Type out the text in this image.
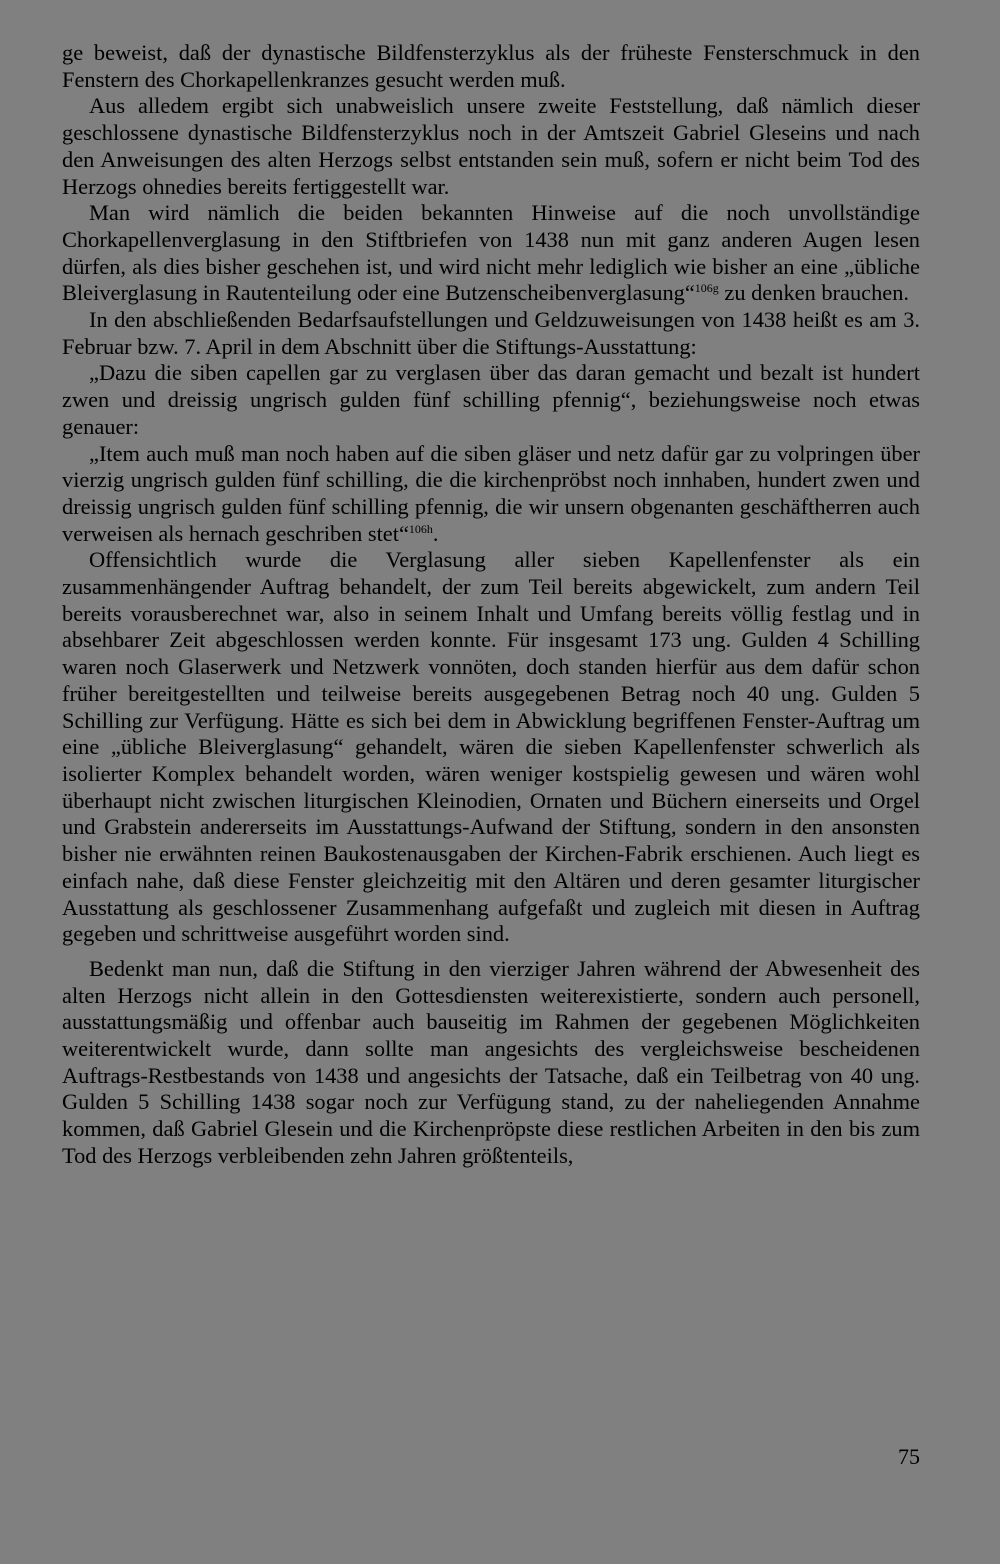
ge beweist, daß der dynastische Bildfensterzyklus als der früheste Fensterschmuck in den Fenstern des Chorkapellenkranzes gesucht werden muß.

Aus alledem ergibt sich unabweislich unsere zweite Feststellung, daß nämlich dieser geschlossene dynastische Bildfensterzyklus noch in der Amtszeit Gabriel Gleseins und nach den Anweisungen des alten Herzogs selbst entstanden sein muß, sofern er nicht beim Tod des Herzogs ohnedies bereits fertiggestellt war.

Man wird nämlich die beiden bekannten Hinweise auf die noch unvollständige Chorkapellenverglasung in den Stiftbriefen von 1438 nun mit ganz anderen Augen lesen dürfen, als dies bisher geschehen ist, und wird nicht mehr lediglich wie bisher an eine „übliche Bleiverglasung in Rautenteilung oder eine Butzenscheibenverglasung“$^{106g}$ zu denken brauchen.

In den abschließenden Bedarfsaufstellungen und Geldzuweisungen von 1438 heißt es am 3. Februar bzw. 7. April in dem Abschnitt über die Stiftungs-Ausstattung:

„Dazu die siben capellen gar zu verglasen über das daran gemacht und bezalt ist hundert zwen und dreissig ungrisch gulden fünf schilling pfennig“, beziehungsweise noch etwas genauer:

„Item auch muß man noch haben auf die siben gläser und netz dafür gar zu volpringen über vierzig ungrisch gulden fünf schilling, die die kirchenpröbst noch innhaben, hundert zwen und dreissig ungrisch gulden fünf schilling pfennig, die wir unsern obgenanten geschäftherren auch verweisen als hernach geschriben stet“$^{106h}$.

Offensichtlich wurde die Verglasung aller sieben Kapellenfenster als ein zusammenhängender Auftrag behandelt, der zum Teil bereits abgewickelt, zum andern Teil bereits vorausberechnet war, also in seinem Inhalt und Umfang bereits völlig festlag und in absehbarer Zeit abgeschlossen werden konnte. Für insgesamt 173 ung. Gulden 4 Schilling waren noch Glaserwerk und Netzwerk vonnöten, doch standen hierfür aus dem dafür schon früher bereitgestellten und teilweise bereits ausgegebenen Betrag noch 40 ung. Gulden 5 Schilling zur Verfügung. Hätte es sich bei dem in Abwicklung begriffenen Fenster-Auftrag um eine „übliche Bleiverglasung“ gehandelt, wären die sieben Kapellenfenster schwerlich als isolierter Komplex behandelt worden, wären weniger kostspielig gewesen und wären wohl überhaupt nicht zwischen liturgischen Kleinodien, Ornaten und Büchern einerseits und Orgel und Grabstein andererseits im Ausstattungs-Aufwand der Stiftung, sondern in den ansonsten bisher nie erwähnten reinen Baukostenausgaben der Kirchen-Fabrik erschienen. Auch liegt es einfach nahe, daß diese Fenster gleichzeitig mit den Altären und deren gesamter liturgischer Ausstattung als geschlossener Zusammenhang aufgefaßt und zugleich mit diesen in Auftrag gegeben und schrittweise ausgeführt worden sind.

Bedenkt man nun, daß die Stiftung in den vierziger Jahren während der Abwesenheit des alten Herzogs nicht allein in den Gottesdiensten weiterexistierte, sondern auch personell, ausstattungsmäßig und offenbar auch bauseitig im Rahmen der gegebenen Möglichkeiten weiterentwickelt wurde, dann sollte man angesichts des vergleichsweise bescheidenen Auftrags-Restbestands von 1438 und angesichts der Tatsache, daß ein Teilbetrag von 40 ung. Gulden 5 Schilling 1438 sogar noch zur Verfügung stand, zu der naheliegenden Annahme kommen, daß Gabriel Glesein und die Kirchenpröpste diese restlichen Arbeiten in den bis zum Tod des Herzogs verbleibenden zehn Jahren größtenteils,

75
